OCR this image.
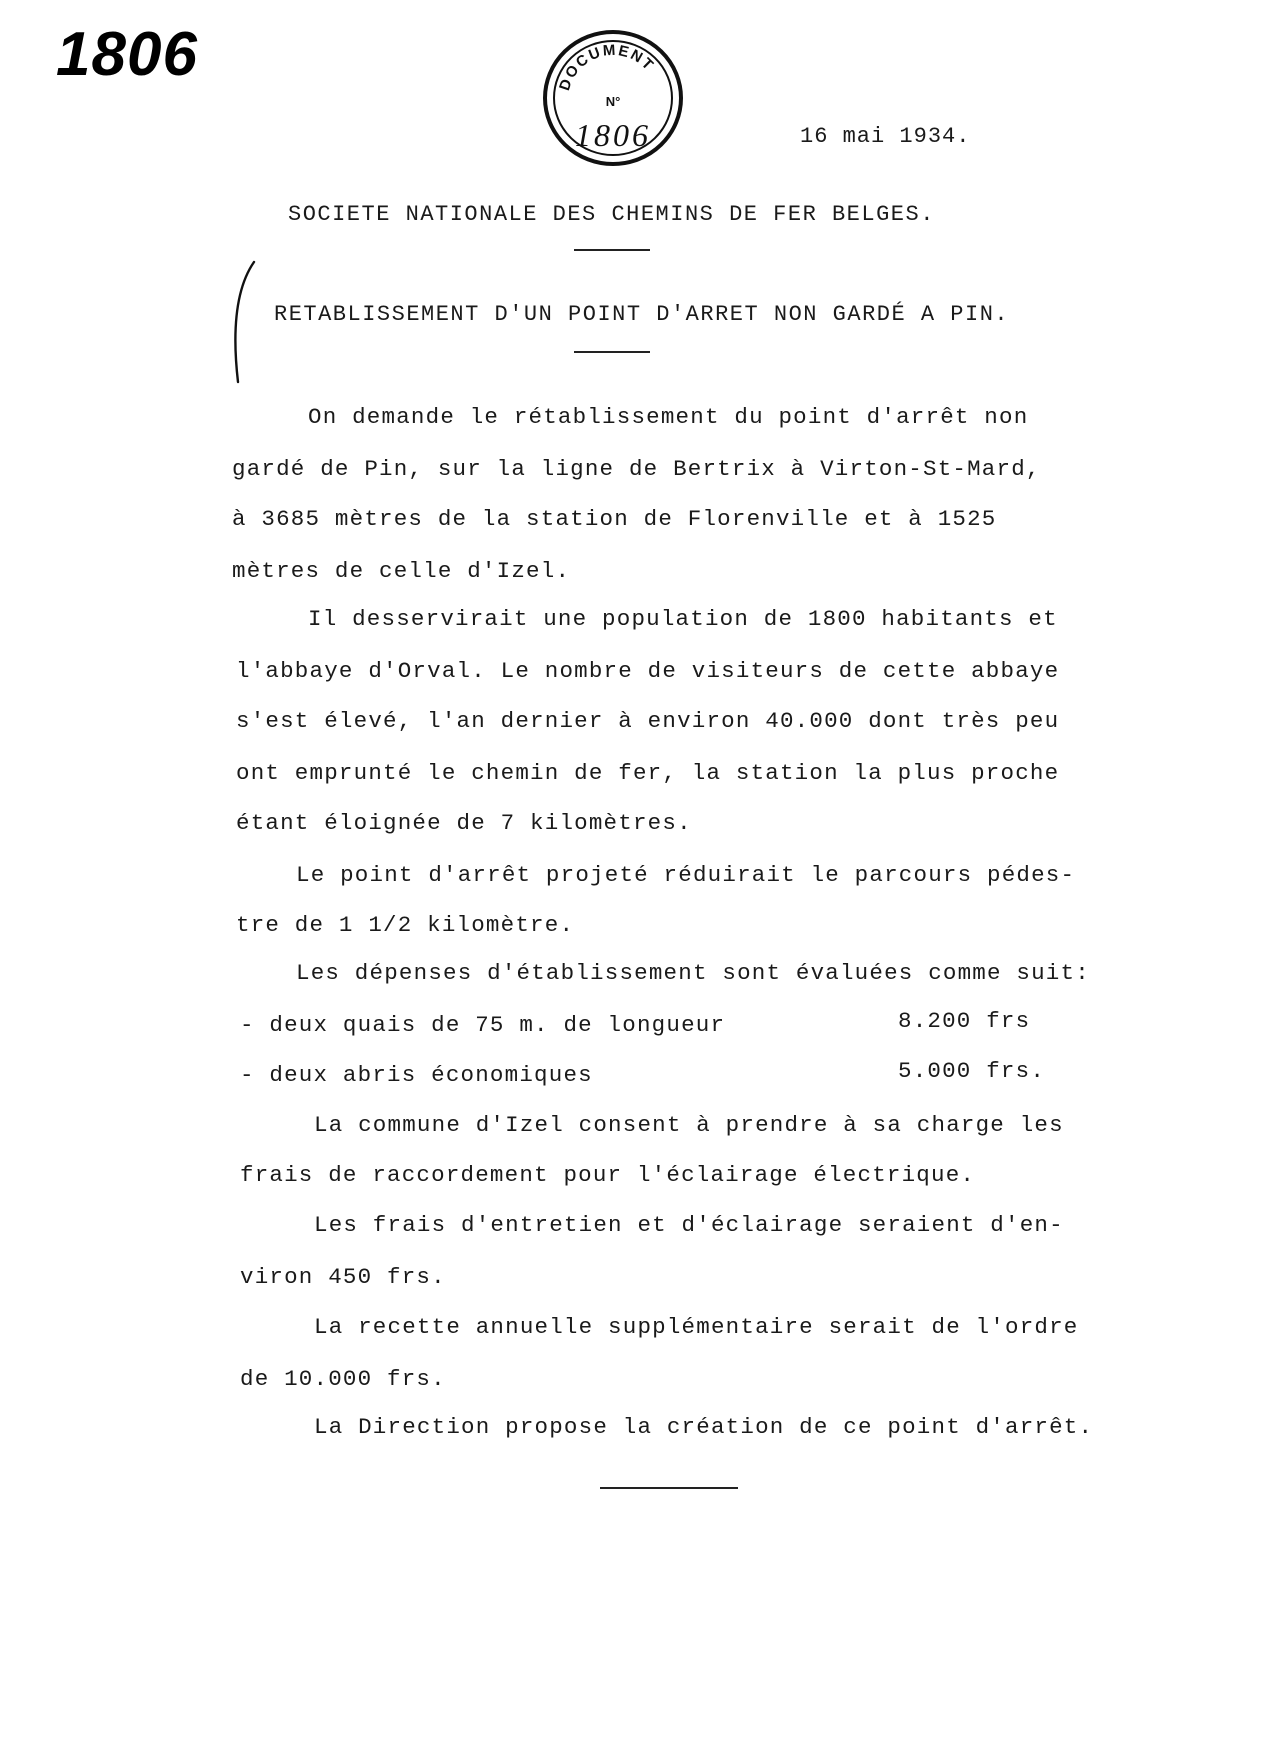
1806	DOCUMENT
N°
1806	16 mai 1934.
SOCIETE NATIONALE DES CHEMINS DE FER BELGES.
RETABLISSEMENT D'UN POINT D'ARRET NON GARDÉ A PIN.
On demande le rétablissement du point d'arrêt non
gardé de Pin, sur la ligne de Bertrix à Virton-St-Mard,
à 3685 mètres de la station de Florenville et à 1525
mètres de celle d'Izel.
Il desservirait une population de 1800 habitants et
l'abbaye d'Orval. Le nombre de visiteurs de cette abbaye
s'est élevé, l'an dernier à environ 40.000 dont très peu
ont emprunté le chemin de fer, la station la plus proche
étant éloignée de 7 kilomètres.
Le point d'arrêt projeté réduirait le parcours pédes-
tre de 1 1/2 kilomètre.
Les dépenses d'établissement sont évaluées comme suit:
- deux quais de 75 m. de longueur	8.200 frs
- deux abris économiques	5.000 frs.
La commune d'Izel consent à prendre à sa charge les
frais de raccordement pour l'éclairage électrique.
Les frais d'entretien et d'éclairage seraient d'en-
viron 450 frs.
La recette annuelle supplémentaire serait de l'ordre
de 10.000 frs.
La Direction propose la création de ce point d'arrêt.
